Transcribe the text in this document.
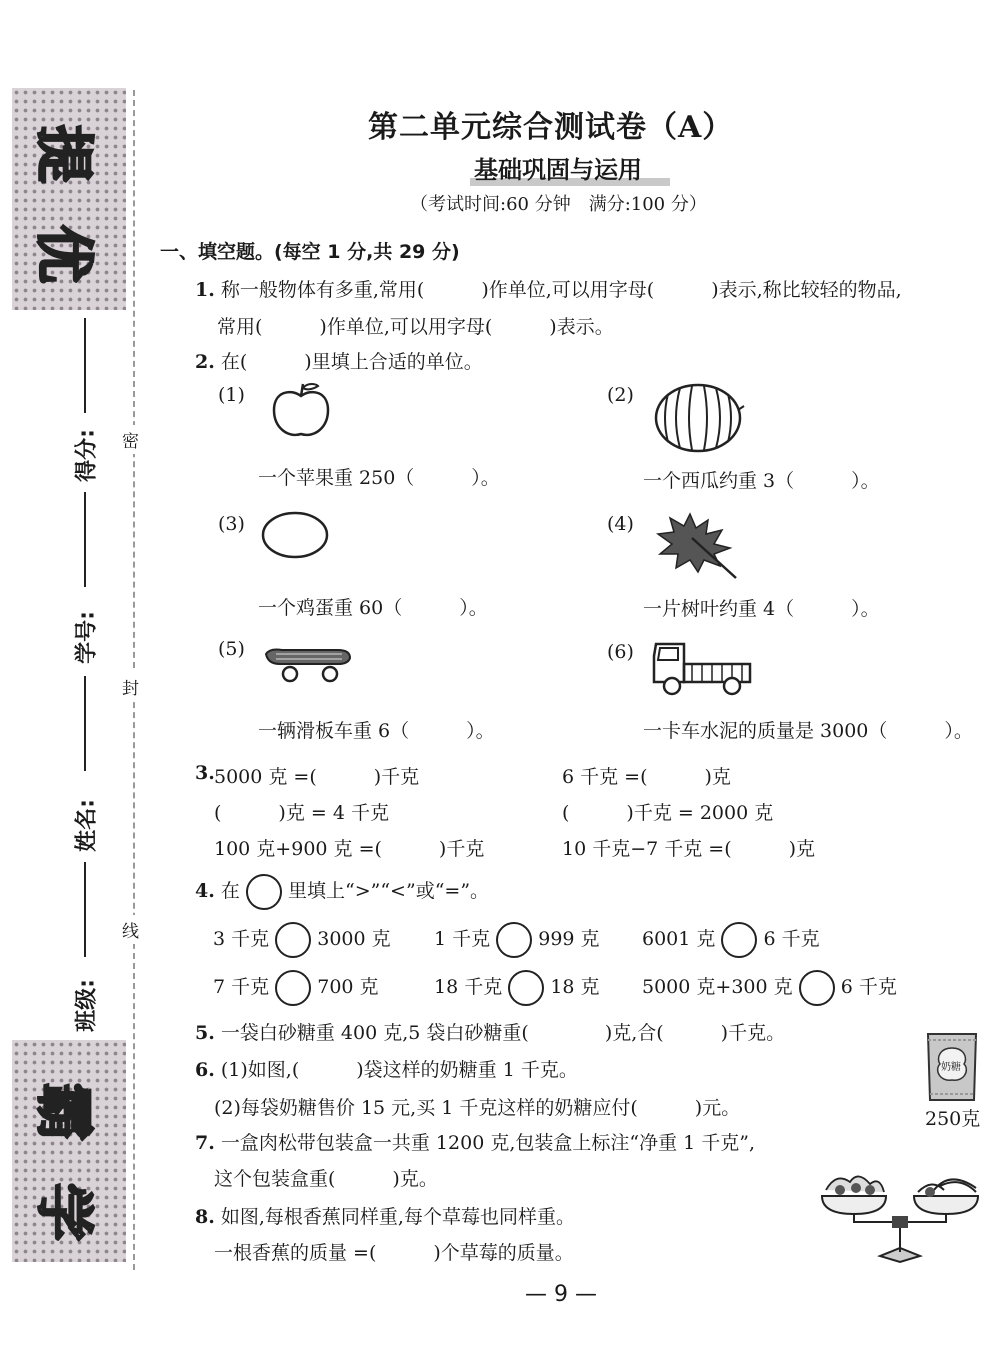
提
优
学
霸
得分:
学号:
姓名:
班级:
密
封
线
第二单元综合测试卷（A）
基础巩固与运用
（考试时间:60 分钟　满分:100 分）
一、填空题。(每空 1 分,共 29 分)
1. 称一般物体有多重,常用(　　　)作单位,可以用字母(　　　)表示,称比较轻的物品,
常用(　　　)作单位,可以用字母(　　　)表示。
2. 在(　　　)里填上合适的单位。
(1)
一个苹果重 250（　　　）。
(2)
一个西瓜约重 3（　　　）。
(3)
一个鸡蛋重 60（　　　）。
(4)
一片树叶约重 4（　　　）。
(5)
一辆滑板车重 6（　　　）。
(6)
一卡车水泥的质量是 3000（　　　）。
3. 5000 克 =(　　　)千克	6 千克 =(　　　)克
(　　　)克 = 4 千克	(　　　)千克 = 2000 克
100 克+900 克 =(　　　)千克	10 千克−7 千克 =(　　　)克
4. 在	里填上“>”“<”或“=”。
3 千克	3000 克 1 千克	999 克 6001 克	6 千克
7 千克	700 克	18 千克	18 克 5000 克+300 克	6 千克
5. 一袋白砂糖重 400 克,5 袋白砂糖重(　　　　)克,合(　　　)千克。
6. (1)如图,(　　　)袋这样的奶糖重 1 千克。
(2)每袋奶糖售价 15 元,买 1 千克这样的奶糖应付(　　　)元。
奶糖
250克
7. 一盒肉松带包装盒一共重 1200 克,包装盒上标注“净重 1 千克”,
这个包装盒重(　　　)克。
8. 如图,每根香蕉同样重,每个草莓也同样重。
一根香蕉的质量 =(　　　)个草莓的质量。
— 9 —
